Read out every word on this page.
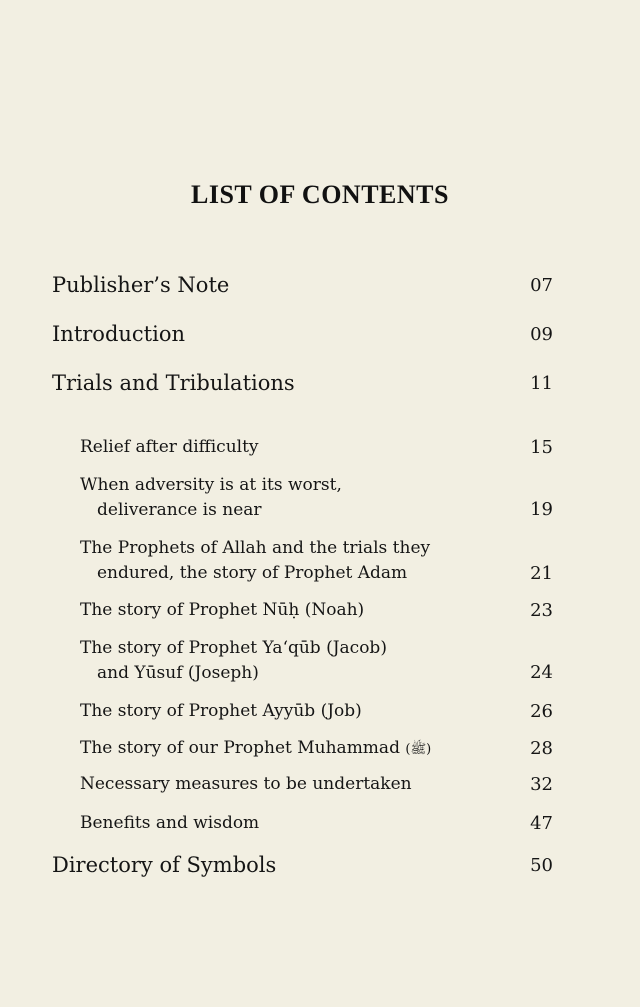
LIST OF CONTENTS
Publisher’s Note	07
Introduction	09
Trials and Tribulations	11
Relief after difficulty	15
When adversity is at its worst,
deliverance is near	19
The Prophets of Allah and the trials they
endured, the story of Prophet Adam	21
The story of Prophet Nūḥ (Noah)	23
The story of Prophet Ya‘qūb (Jacob)
and Yūsuf (Joseph)	24
The story of Prophet Ayyūb (Job)	26
The story of our Prophet Muhammad (ﷺ)	28
Necessary measures to be undertaken	32
Benefits and wisdom	47
Directory of Symbols	50
